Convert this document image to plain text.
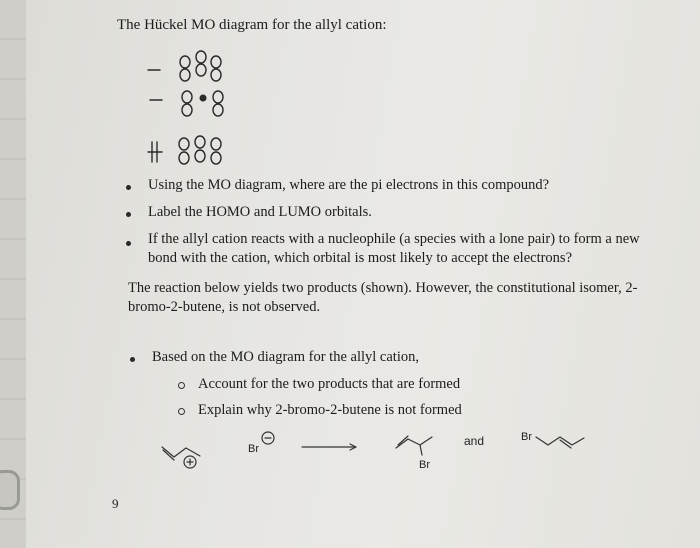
The Hückel MO diagram for the allyl cation:
Using the MO diagram, where are the pi electrons in this compound?
Label the HOMO and LUMO orbitals.
If the allyl cation reacts with a nucleophile (a species with a lone pair) to form a new
bond with the cation, which orbital is most likely to accept the electrons?
The reaction below yields two products (shown). However, the constitutional isomer, 2-
bromo-2-butene, is not observed.
Based on the MO diagram for the allyl cation,
Account for the two products that are formed
Explain why 2-bromo-2-butene is not formed
Br
Br
and	Br
9
